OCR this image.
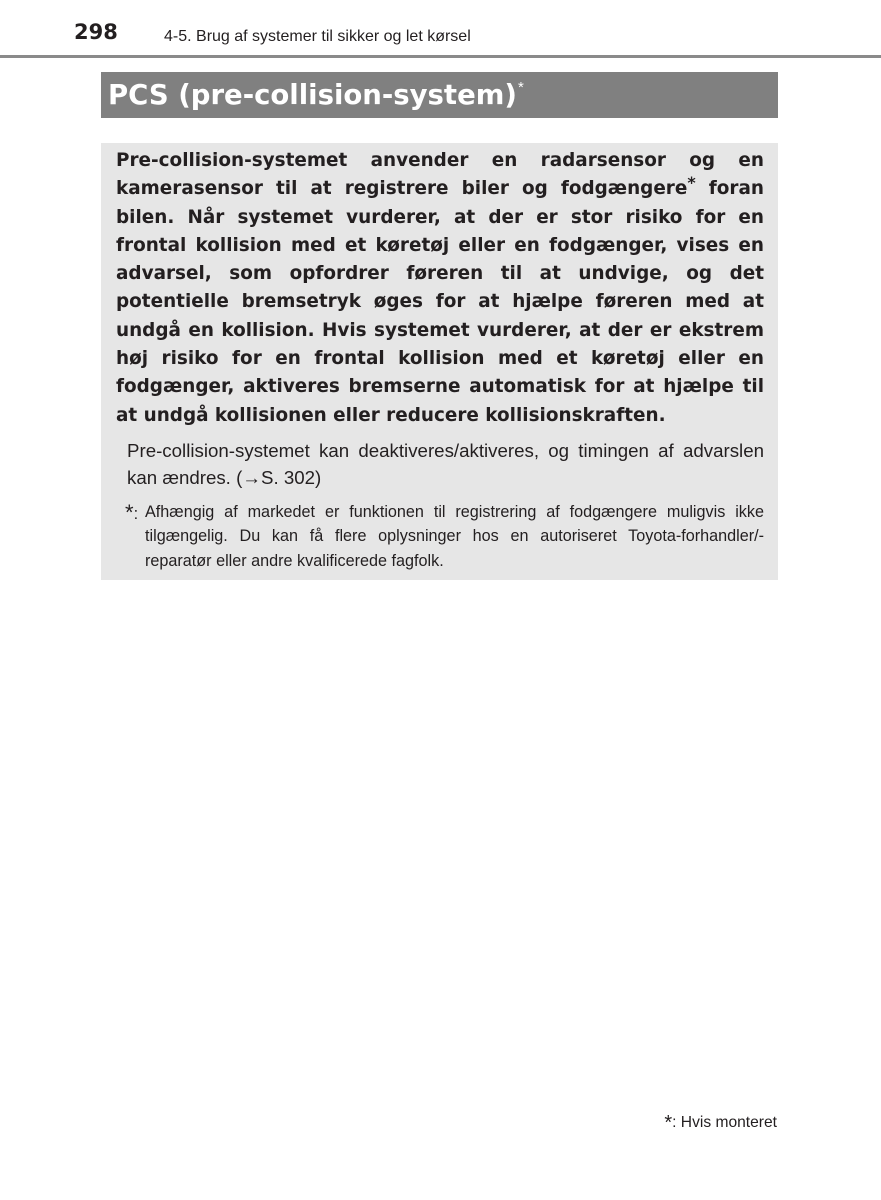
298	4-5. Brug af systemer til sikker og let kørsel
PCS (pre-collision-system)*

Pre-collision-systemet anvender en radarsensor og en kamerasensor til at registrere biler og fodgængere* foran bilen. Når systemet vurderer, at der er stor risiko for en frontal kollision med et køretøj eller en fodgænger, vises en advarsel, som opfordrer føreren til at undvige, og det potentielle bremsetryk øges for at hjælpe føreren med at undgå en kollision. Hvis systemet vurderer, at der er ekstrem høj risiko for en frontal kollision med et køretøj eller en fodgænger, aktiveres bremserne automatisk for at hjælpe til at undgå kollisionen eller reducere kollisionskraften.

Pre-collision-systemet kan deaktiveres/aktiveres, og timingen af advarslen kan ændres. (→S. 302)

*: Afhængig af markedet er funktionen til registrering af fodgængere muligvis ikke tilgængelig. Du kan få flere oplysninger hos en autoriseret Toyota-forhandler/-reparatør eller andre kvalificerede fagfolk.
*: Hvis monteret
